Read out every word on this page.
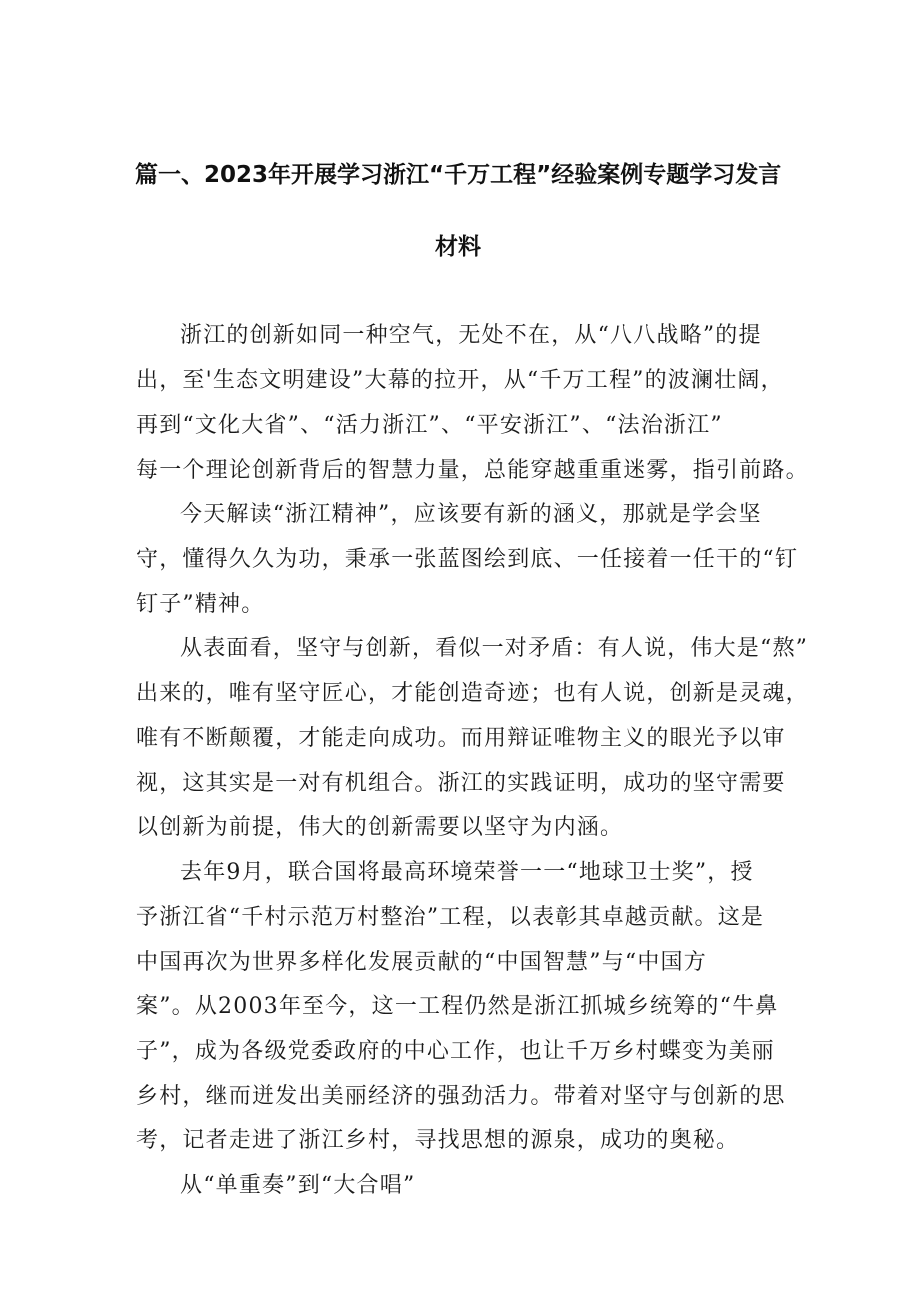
篇一、2023年开展学习浙江“千万工程”经验案例专题学习发言
材料
浙江的创新如同一种空气，无处不在，从“八八战略”的提
出，至'生态文明建设”大幕的拉开，从“千万工程”的波澜壮阔，
再到“文化大省”、“活力浙江”、“平安浙江”、“法治浙江”
每一个理论创新背后的智慧力量，总能穿越重重迷雾，指引前路。
今天解读“浙江精神”，应该要有新的涵义，那就是学会坚
守，懂得久久为功，秉承一张蓝图绘到底、一任接着一任干的“钉
钉子”精神。
从表面看，坚守与创新，看似一对矛盾：有人说，伟大是“熬”
出来的，唯有坚守匠心，才能创造奇迹；也有人说，创新是灵魂，
唯有不断颠覆，才能走向成功。而用辩证唯物主义的眼光予以审
视，这其实是一对有机组合。浙江的实践证明，成功的坚守需要
以创新为前提，伟大的创新需要以坚守为内涵。
去年9月，联合国将最高环境荣誉一一“地球卫士奖”，授
予浙江省“千村示范万村整治”工程，以表彰其卓越贡献。这是
中国再次为世界多样化发展贡献的“中国智慧”与“中国方
案”。从2003年至今，这一工程仍然是浙江抓城乡统筹的“牛鼻
子”，成为各级党委政府的中心工作，也让千万乡村蝶变为美丽
乡村，继而迸发出美丽经济的强劲活力。带着对坚守与创新的思
考，记者走进了浙江乡村，寻找思想的源泉，成功的奥秘。
从“单重奏”到“大合唱”
